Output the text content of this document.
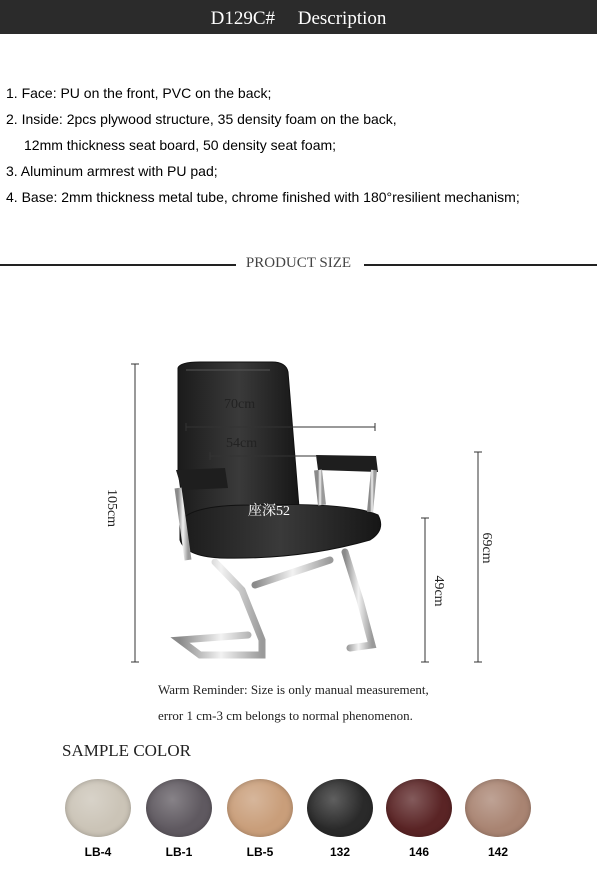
D129C# Description
1. Face: PU on the front, PVC on the back;
2. Inside: 2pcs plywood structure, 35 density foam on the back,
12mm thickness seat board, 50 density seat foam;
3. Aluminum armrest with PU pad;
4. Base: 2mm thickness metal tube, chrome finished with 180°resilient mechanism;
PRODUCT SIZE
70cm
54cm
座深52
105cm
69cm
49cm
Warm Reminder: Size is only manual measurement,
error 1 cm-3 cm belongs to normal phenomenon.
SAMPLE COLOR
LB-4	LB-1	LB-5	132	146	142
